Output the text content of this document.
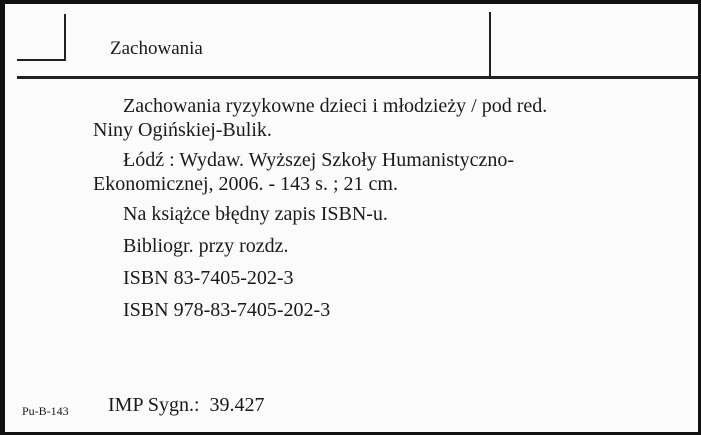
Zachowania

Zachowania ryzykowne dzieci i młodzieży / pod red.
Niny Ogińskiej-Bulik.

Łódź : Wydaw. Wyższej Szkoły Humanistyczno-
Ekonomicznej, 2006. - 143 s. ; 21 cm.

Na książce błędny zapis ISBN-u.
Bibliogr. przy rozdz.
ISBN 83-7405-202-3
ISBN 978-83-7405-202-3
Pu-B-143 IMP Sygn.: 39.427
